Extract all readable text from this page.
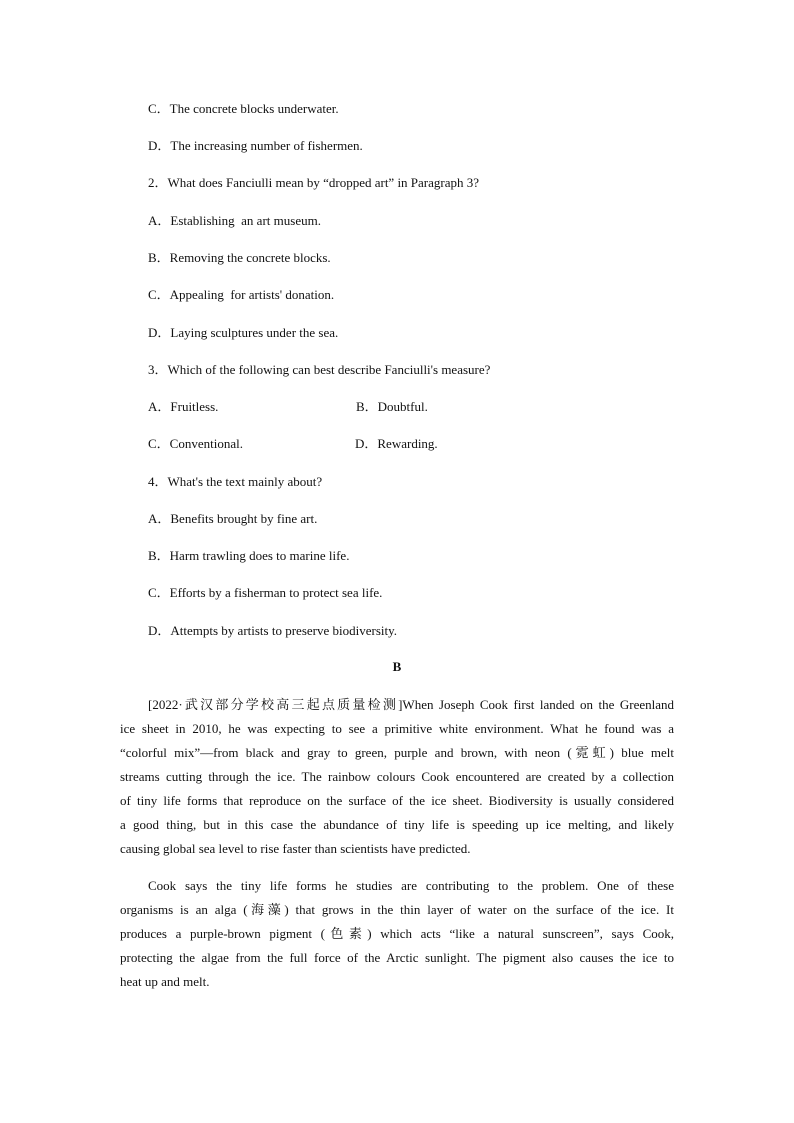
C．The concrete blocks underwater.
D．The increasing number of fishermen.
2．What does Fanciulli mean by “dropped art” in Paragraph 3?
A．Establishing  an art museum.
B．Removing the concrete blocks.
C．Appealing  for artists' donation.
D．Laying sculptures under the sea.
3．Which of the following can best describe Fanciulli's measure?
A．Fruitless.	B．Doubtful.
C．Conventional.	D．Rewarding.
4．What's the text mainly about?
A．Benefits brought by fine art.
B．Harm trawling does to marine life.
C．Efforts by a fisherman to protect sea life.
D．Attempts by artists to preserve biodiversity.
B
[2022·武汉部分学校高三起点质量检测]When Joseph Cook first landed on the Greenland
ice sheet in 2010, he was expecting to see a primitive white environment. What he found was a
“colorful mix”—from black and gray to green, purple and brown, with neon (霓虹) blue melt
streams cutting through the ice. The rainbow colours Cook encountered are created by a collection
of tiny life forms that reproduce on the surface of the ice sheet. Biodiversity is usually considered
a good thing, but in this case the abundance of tiny life is speeding up ice melting, and likely
causing global sea level to rise faster than scientists have predicted.
Cook says the tiny life forms he studies are contributing to the problem. One of these
organisms is an alga (海藻) that grows in the thin layer of water on the surface of the ice. It
produces a purple-brown pigment (色素) which acts “like a natural sunscreen”, says Cook,
protecting the algae from the full force of the Arctic sunlight. The pigment also causes the ice to
heat up and melt.
